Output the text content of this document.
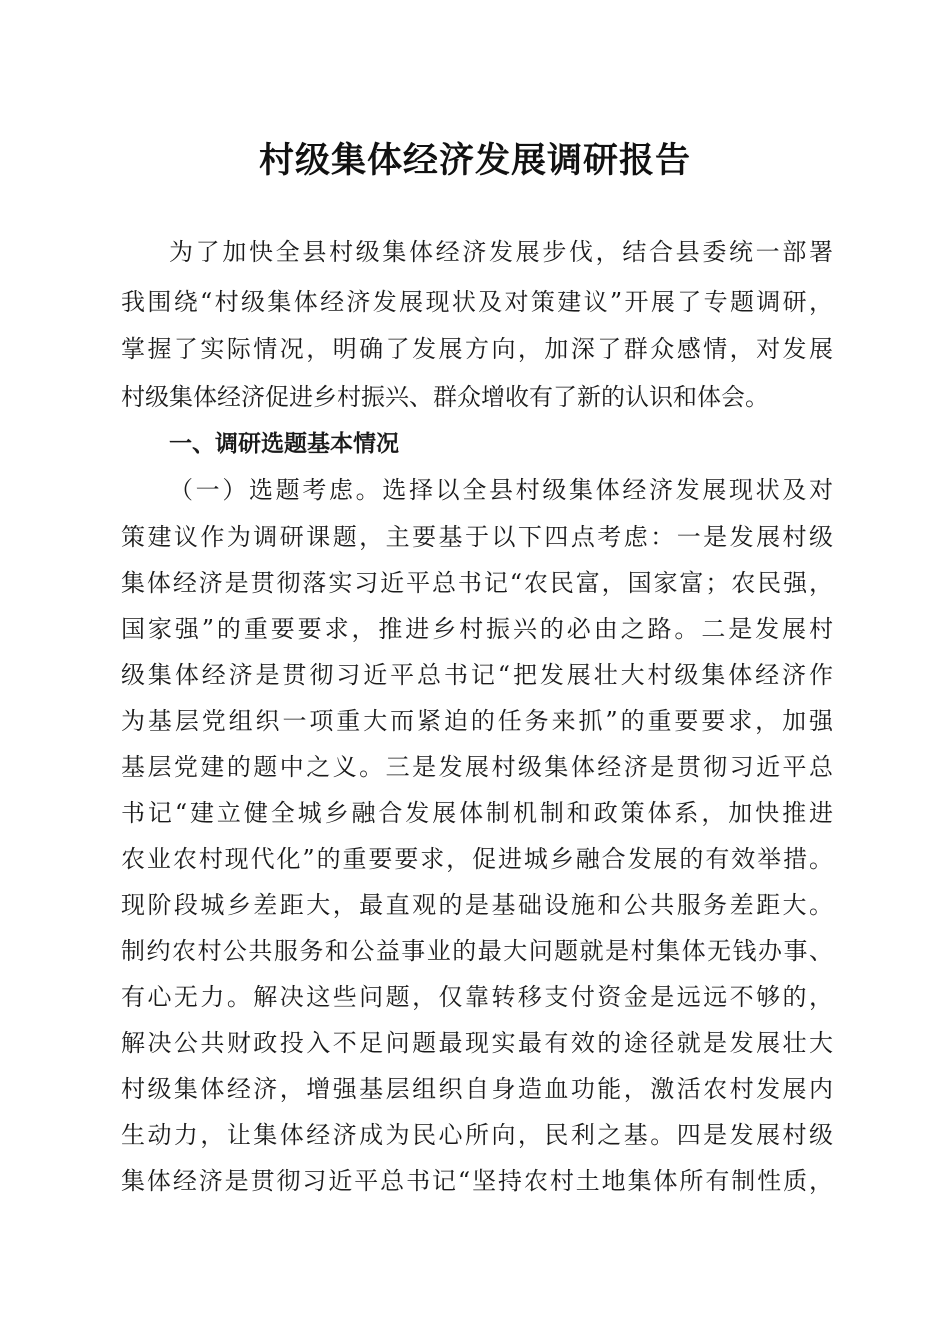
村级集体经济发展调研报告
为了加快全县村级集体经济发展步伐，结合县委统一部署
我围绕“村级集体经济发展现状及对策建议”开展了专题调研，
掌握了实际情况，明确了发展方向，加深了群众感情，对发展
村级集体经济促进乡村振兴、群众增收有了新的认识和体会。
一、调研选题基本情况
（一）选题考虑。选择以全县村级集体经济发展现状及对
策建议作为调研课题，主要基于以下四点考虑：一是发展村级
集体经济是贯彻落实习近平总书记“农民富，国家富；农民强，
国家强”的重要要求，推进乡村振兴的必由之路。二是发展村
级集体经济是贯彻习近平总书记“把发展壮大村级集体经济作
为基层党组织一项重大而紧迫的任务来抓”的重要要求，加强
基层党建的题中之义。三是发展村级集体经济是贯彻习近平总
书记“建立健全城乡融合发展体制机制和政策体系，加快推进
农业农村现代化”的重要要求，促进城乡融合发展的有效举措。
现阶段城乡差距大，最直观的是基础设施和公共服务差距大。
制约农村公共服务和公益事业的最大问题就是村集体无钱办事、
有心无力。解决这些问题，仅靠转移支付资金是远远不够的，
解决公共财政投入不足问题最现实最有效的途径就是发展壮大
村级集体经济，增强基层组织自身造血功能，激活农村发展内
生动力，让集体经济成为民心所向，民利之基。四是发展村级
集体经济是贯彻习近平总书记“坚持农村土地集体所有制性质，
